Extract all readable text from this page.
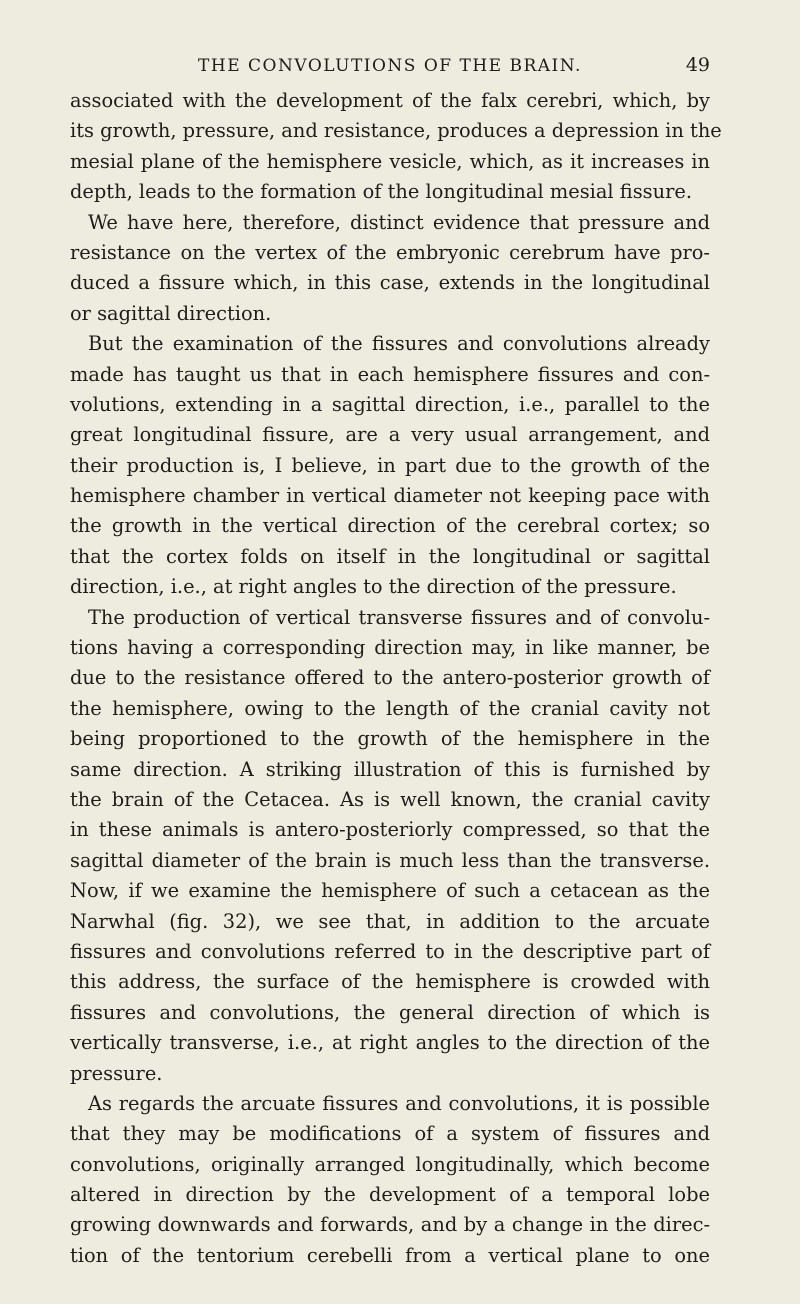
THE CONVOLUTIONS OF THE BRAIN.	49
associated with the development of the falx cerebri, which, by
its growth, pressure, and resistance, produces a depression in the
mesial plane of the hemisphere vesicle, which, as it increases in
depth, leads to the formation of the longitudinal mesial fissure.
We have here, therefore, distinct evidence that pressure and
resistance on the vertex of the embryonic cerebrum have pro-
duced a fissure which, in this case, extends in the longitudinal
or sagittal direction.
But the examination of the fissures and convolutions already
made has taught us that in each hemisphere fissures and con-
volutions, extending in a sagittal direction, i.e., parallel to the
great longitudinal fissure, are a very usual arrangement, and
their production is, I believe, in part due to the growth of the
hemisphere chamber in vertical diameter not keeping pace with
the growth in the vertical direction of the cerebral cortex; so
that the cortex folds on itself in the longitudinal or sagittal
direction, i.e., at right angles to the direction of the pressure.
The production of vertical transverse fissures and of convolu-
tions having a corresponding direction may, in like manner, be
due to the resistance offered to the antero-posterior growth of
the hemisphere, owing to the length of the cranial cavity not
being proportioned to the growth of the hemisphere in the
same direction. A striking illustration of this is furnished by
the brain of the Cetacea. As is well known, the cranial cavity
in these animals is antero-posteriorly compressed, so that the
sagittal diameter of the brain is much less than the transverse.
Now, if we examine the hemisphere of such a cetacean as the
Narwhal (fig. 32), we see that, in addition to the arcuate
fissures and convolutions referred to in the descriptive part of
this address, the surface of the hemisphere is crowded with
fissures and convolutions, the general direction of which is
vertically transverse, i.e., at right angles to the direction of the
pressure.
As regards the arcuate fissures and convolutions, it is possible
that they may be modifications of a system of fissures and
convolutions, originally arranged longitudinally, which become
altered in direction by the development of a temporal lobe
growing downwards and forwards, and by a change in the direc-
tion of the tentorium cerebelli from a vertical plane to one
